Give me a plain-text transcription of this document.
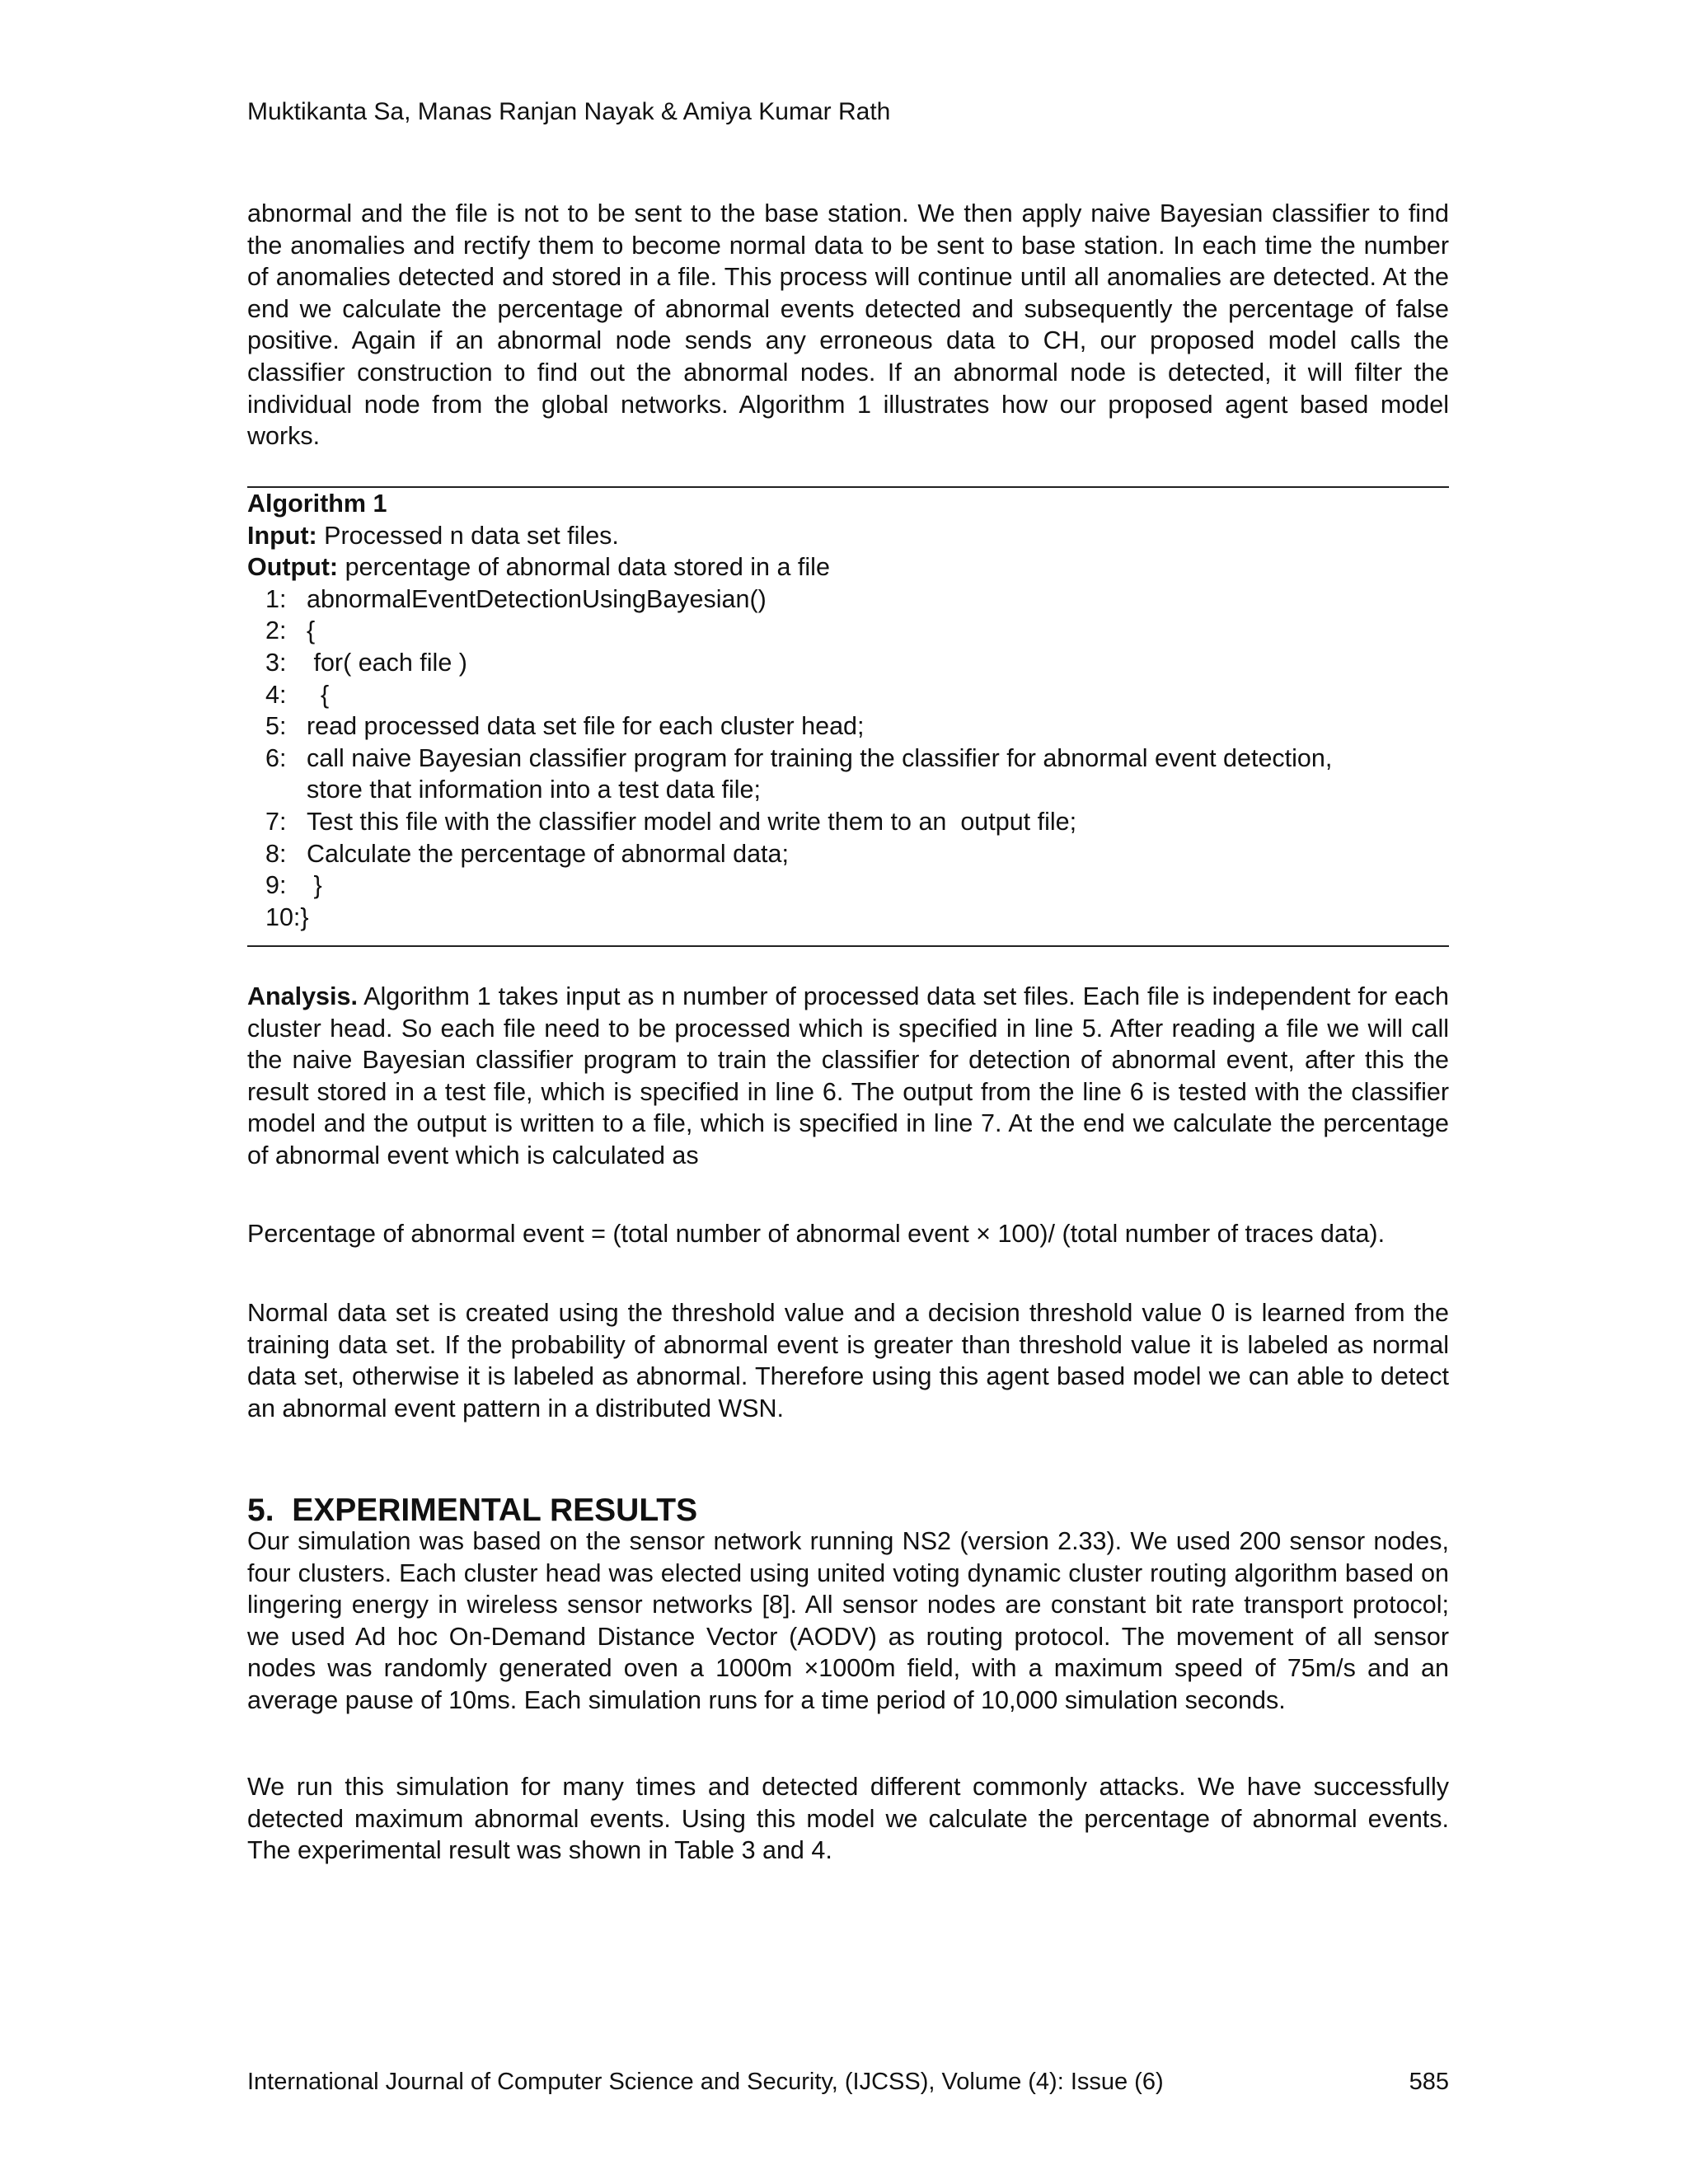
Muktikanta Sa, Manas Ranjan Nayak & Amiya Kumar Rath

abnormal and the file is not to be sent to the base station. We then apply naive Bayesian classifier to find the anomalies and rectify them to become normal data to be sent to base station. In each time the number of anomalies detected and stored in a file. This process will continue until all anomalies are detected. At the end we calculate the percentage of abnormal events detected and subsequently the percentage of false positive. Again if an abnormal node sends any erroneous data to CH, our proposed model calls the classifier construction to find out the abnormal nodes. If an abnormal node is detected, it will filter the individual node from the global networks. Algorithm 1 illustrates how our proposed agent based model works.

Algorithm 1
Input: Processed n data set files.
Output: percentage of abnormal data stored in a file
1: abnormalEventDetectionUsingBayesian()
2: {
3: for( each file )
4:  {
5: read processed data set file for each cluster head;
6: call naive Bayesian classifier program for training the classifier for abnormal event detection,
store that information into a test data file;
7: Test this file with the classifier model and write them to an  output file;
8: Calculate the percentage of abnormal data;
9: }
10:}

Analysis. Algorithm 1 takes input as n number of processed data set files. Each file is independent for each cluster head. So each file need to be processed which is specified in line 5. After reading a file we will call the naive Bayesian classifier program to train the classifier for detection of abnormal event, after this the result stored in a test file, which is specified in line 6. The output from the line 6 is tested with the classifier model and the output is written to a file, which is specified in line 7. At the end we calculate the percentage of abnormal event which is calculated as

Percentage of abnormal event = (total number of abnormal event × 100)/ (total number of traces data).

Normal data set is created using the threshold value and a decision threshold value 0 is learned from the training data set. If the probability of abnormal event is greater than threshold value it is labeled as normal data set, otherwise it is labeled as abnormal. Therefore using this agent based model we can able to detect an abnormal event pattern in a distributed WSN.

5.  EXPERIMENTAL RESULTS

Our simulation was based on the sensor network running NS2 (version 2.33). We used 200 sensor nodes, four clusters. Each cluster head was elected using united voting dynamic cluster routing algorithm based on lingering energy in wireless sensor networks [8]. All sensor nodes are constant bit rate transport protocol; we used Ad hoc On-Demand Distance Vector (AODV) as routing protocol. The movement of all sensor nodes was randomly generated oven a 1000m ×1000m field, with a maximum speed of 75m/s and an average pause of 10ms. Each simulation runs for a time period of 10,000 simulation seconds.

We run this simulation for many times and detected different commonly attacks. We have successfully detected maximum abnormal events. Using this model we calculate the percentage of abnormal events. The experimental result was shown in Table 3 and 4.

International Journal of Computer Science and Security, (IJCSS), Volume (4): Issue (6)	585
